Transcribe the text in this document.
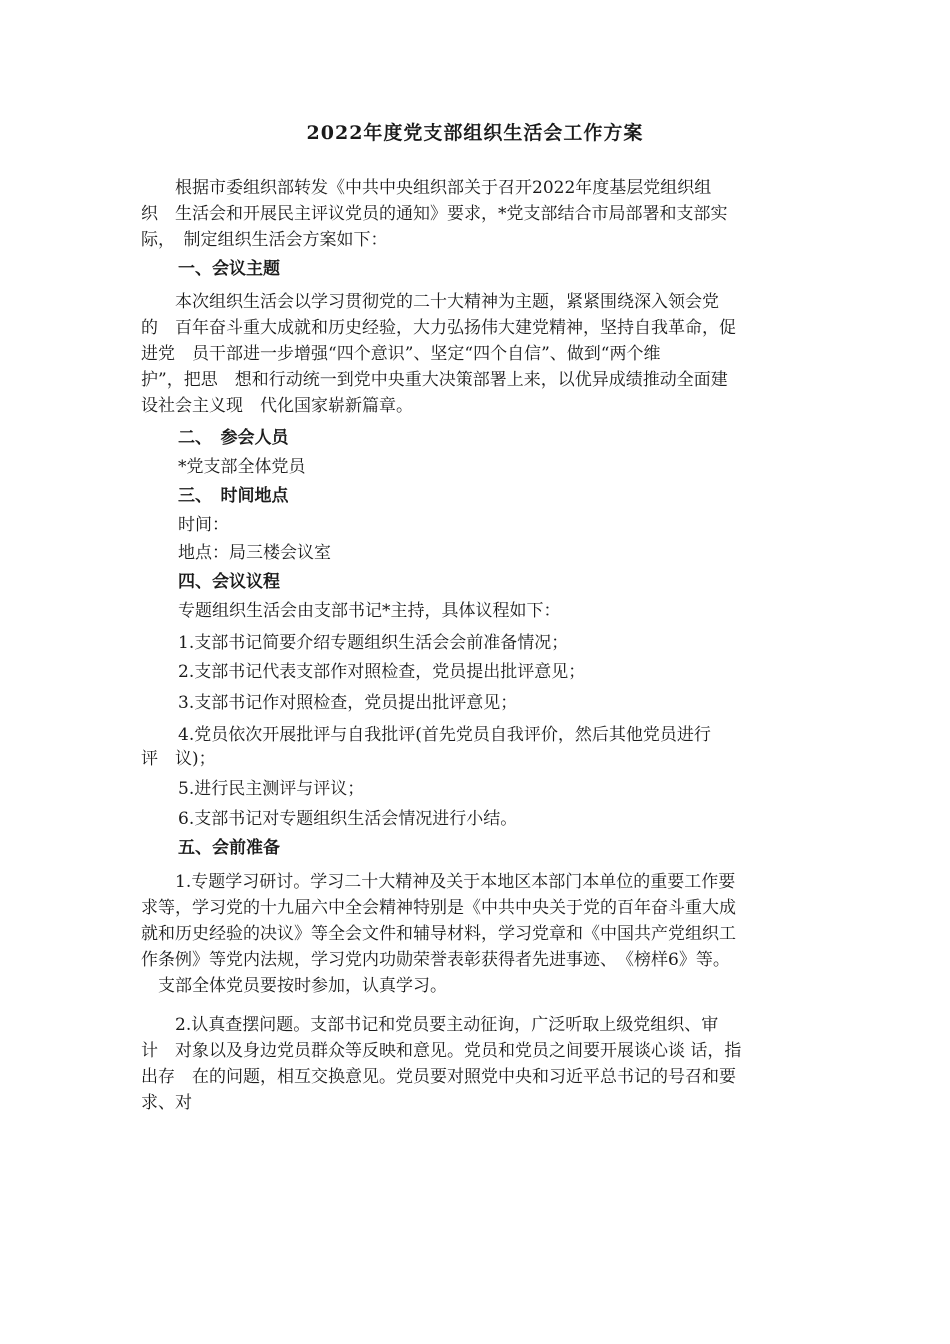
2022年度党支部组织生活会工作方案
　　根据市委组织部转发《中共中央组织部关于召开2022年度基层党组织组
织　生活会和开展民主评议党员的通知》要求，*党支部结合市局部署和支部实
际，　制定组织生活会方案如下：
一、会议主题
　　本次组织生活会以学习贯彻党的二十大精神为主题，紧紧围绕深入领会党
的　百年奋斗重大成就和历史经验，大力弘扬伟大建党精神，坚持自我革命，促
进党　员干部进一步增强“四个意识”、坚定“四个自信”、做到“两个维
护”，把思　想和行动统一到党中央重大决策部署上来，以优异成绩推动全面建
设社会主义现　代化国家崭新篇章。
二、　参会人员
*党支部全体党员
三、　时间地点
时间：
地点：局三楼会议室
四、会议议程
专题组织生活会由支部书记*主持，具体议程如下：
1.支部书记简要介绍专题组织生活会会前准备情况；
2.支部书记代表支部作对照检查，党员提出批评意见；
3.支部书记作对照检查，党员提出批评意见；
4.党员依次开展批评与自我批评(首先党员自我评价，然后其他党员进行
评　议)；
5.进行民主测评与评议；
6.支部书记对专题组织生活会情况进行小结。
五、会前准备
　　1.专题学习研讨。学习二十大精神及关于本地区本部门本单位的重要工作要
求等，学习党的十九届六中全会精神特别是《中共中央关于党的百年奋斗重大成
就和历史经验的决议》等全会文件和辅导材料，学习党章和《中国共产党组织工
作条例》等党内法规，学习党内功勋荣誉表彰获得者先进事迹、　《榜样6》等。
　支部全体党员要按时参加，认真学习。
　　2.认真查摆问题。支部书记和党员要主动征询，广泛听取上级党组织、审
计　对象以及身边党员群众等反映和意见。党员和党员之间要开展谈心谈 话，指
出存　在的问题，相互交换意见。党员要对照党中央和习近平总书记的号召和要
求、对
